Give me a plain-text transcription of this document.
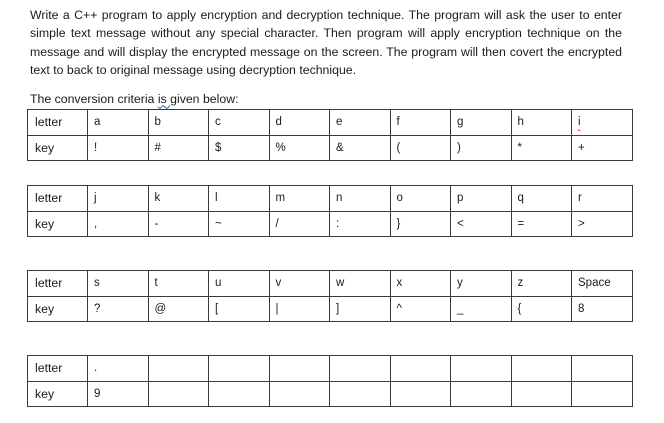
Write a C++ program to apply encryption and decryption technique. The program will ask the user to enter simple text message without any special character. Then program will apply encryption technique on the message and will display the encrypted message on the screen. The program will then covert the encrypted text to back to original message using decryption technique.

The conversion criteria is given below:

letter	a	b	c	d	e	f	g	h	i
key	!	#	$	%	&	(	)	*	+
letter	j	k	l	m	n	o	p	q	r
key	,	-	~	/	:	}	<	=	>
letter	s	t	u	v	w	x	y	z	Space
key	?	@	[	|	]	^	_	{	8
letter	.								
key	9								
